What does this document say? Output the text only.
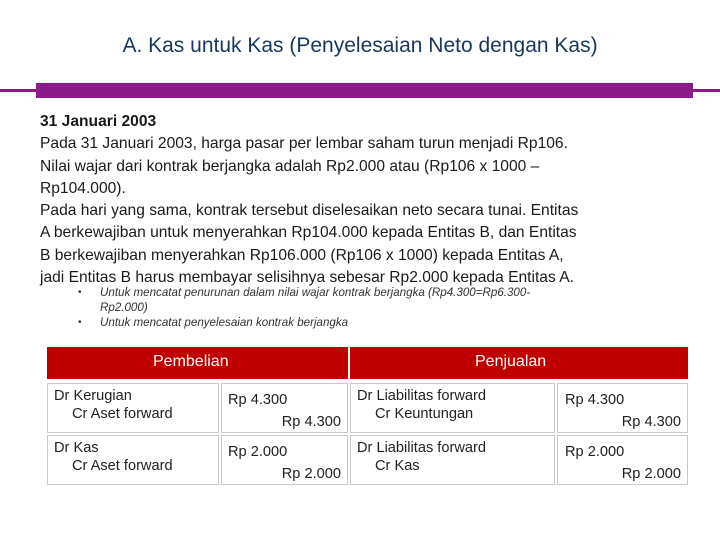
A. Kas untuk Kas (Penyelesaian Neto dengan Kas)

31 Januari 2003

Pada 31 Januari 2003, harga pasar per lembar saham turun menjadi Rp106.

Nilai wajar dari kontrak berjangka adalah Rp2.000 atau (Rp106 x 1000 –

Rp104.000).

Pada hari yang sama, kontrak tersebut diselesaikan neto secara tunai. Entitas

A berkewajiban untuk menyerahkan Rp104.000 kepada Entitas B, dan Entitas

B berkewajiban menyerahkan Rp106.000 (Rp106 x 1000) kepada Entitas A,

jadi Entitas B harus membayar selisihnya sebesar Rp2.000 kepada Entitas A.

• Untuk mencatat penurunan dalam nilai wajar kontrak berjangka (Rp4.300=Rp6.300-
Rp2.000)
• Untuk mencatat penyelesaian kontrak berjangka
Pembelian	Penjualan
Dr Kerugian
Cr Aset forward
Rp 4.300
Rp 4.300
Dr Liabilitas forward
Cr Keuntungan
Rp 4.300
Rp 4.300
Dr Kas
Cr Aset forward
Rp 2.000
Rp 2.000
Dr Liabilitas forward
Cr Kas
Rp 2.000
Rp 2.000
